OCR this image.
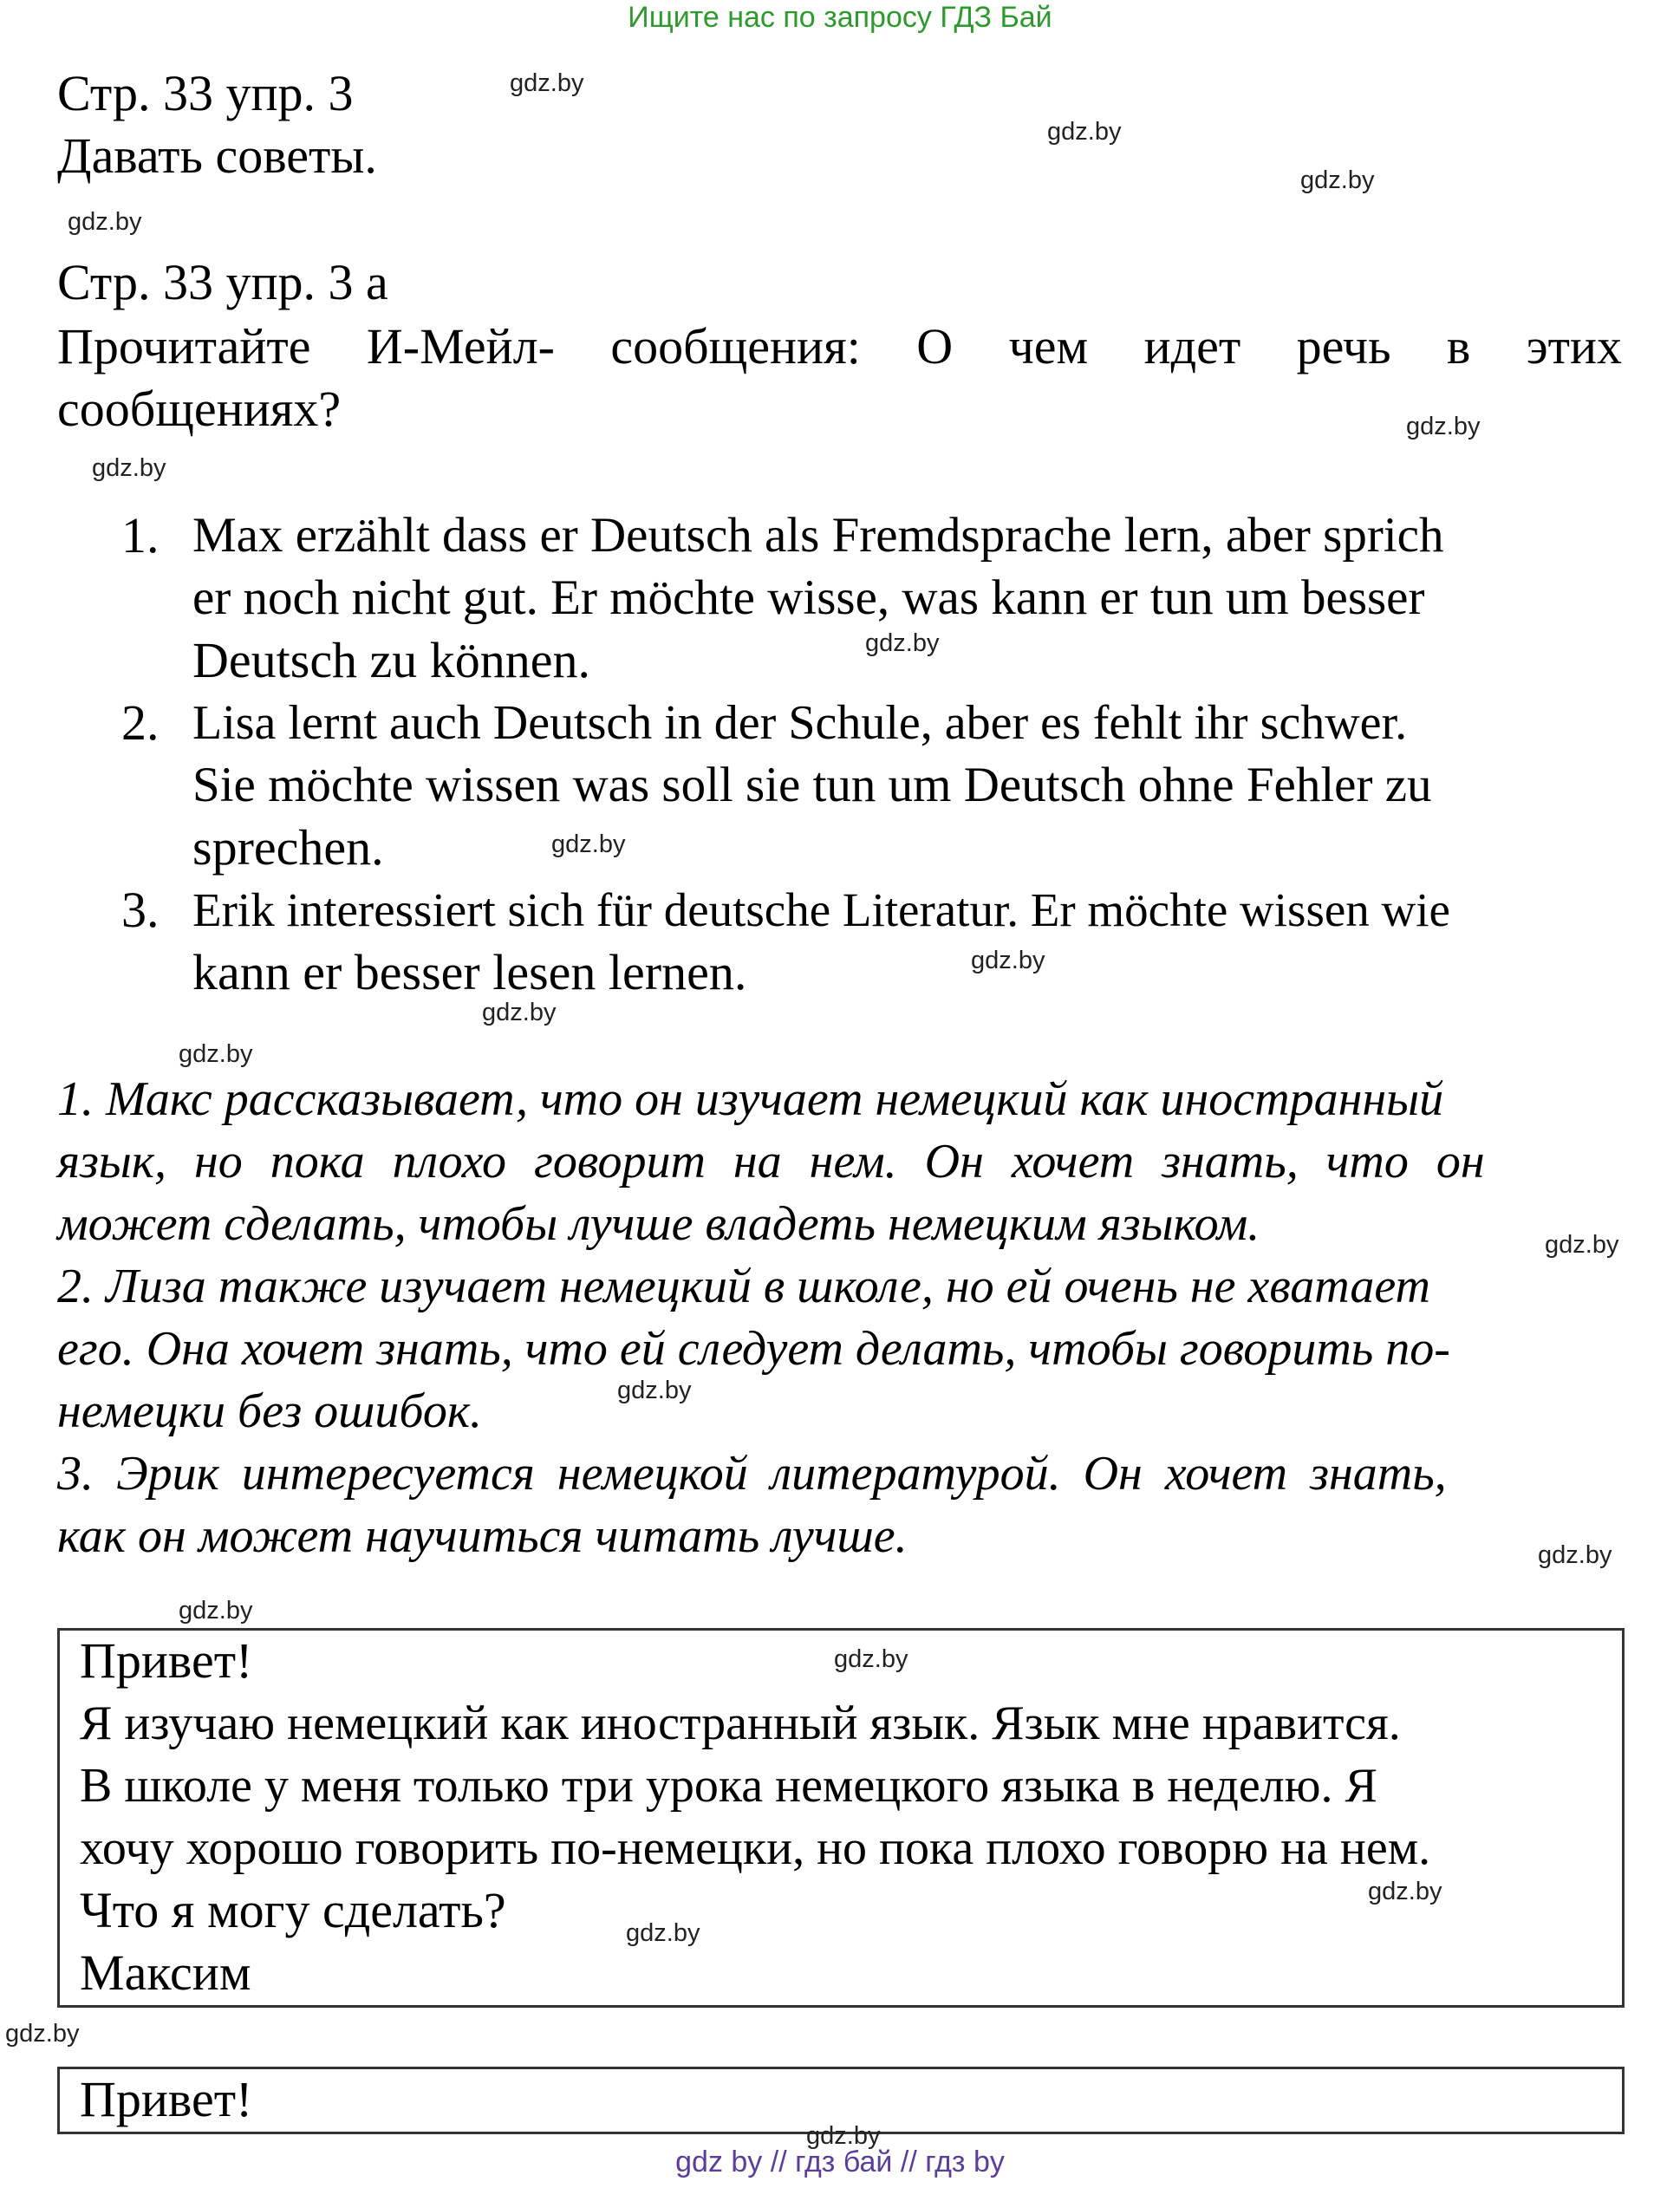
Ищите нас по запросу ГДЗ Бай
Стр. 33 упр. 3
Давать советы.
Стр. 33 упр. 3 а
Прочитайте И-Мейл- сообщения: О чем идет речь в этих
сообщениях?
1. Max erzählt dass er Deutsch als Fremdsprache lern, aber sprich
er noch nicht gut. Er möchte wisse, was kann er tun um besser
Deutsch zu können.
2. Lisa lernt auch Deutsch in der Schule, aber es fehlt ihr schwer.
Sie möchte wissen was soll sie tun um Deutsch ohne Fehler zu
sprechen.
3. Erik interessiert sich für deutsche Literatur. Er möchte wissen wie
kann er besser lesen lernen.
1. Макс рассказывает, что он изучает немецкий как иностранный
язык, но пока плохо говорит на нем. Он хочет знать, что он
может сделать, чтобы лучше владеть немецким языком.
2. Лиза также изучает немецкий в школе, но ей очень не хватает
его. Она хочет знать, что ей следует делать, чтобы говорить по-
немецки без ошибок.
3. Эрик интересуется немецкой литературой. Он хочет знать,
как он может научиться читать лучше.
Привет!
Я изучаю немецкий как иностранный язык. Язык мне нравится.
В школе у меня только три урока немецкого языка в неделю. Я
хочу хорошо говорить по-немецки, но пока плохо говорю на нем.
Что я могу сделать?
Максим
Привет!
gdz.by
gdz.by
gdz.by
gdz.by
gdz.by
gdz.by
gdz.by
gdz.by
gdz.by
gdz.by
gdz.by
gdz.by
gdz.by
gdz.by
gdz.by
gdz.by
gdz.by
gdz.by
gdz.by
gdz.by
gdz by // гдз бай // гдз by
